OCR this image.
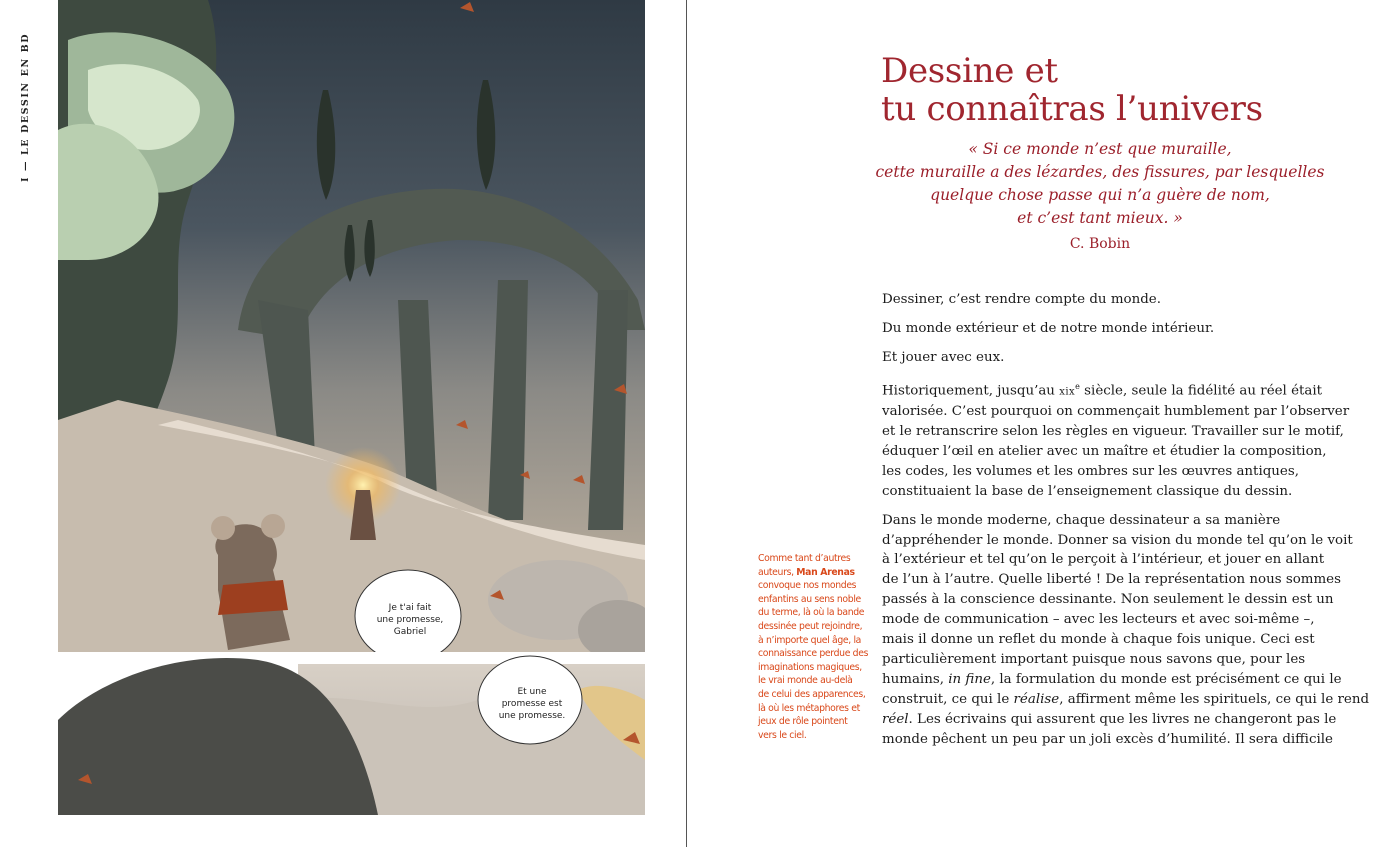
I — LE DESSIN EN BD
Je t'ai fait
une promesse,
Gabriel
Et une
promesse est
une promesse.
Dessine et
tu connaîtras l’univers
« Si ce monde n’est que muraille,
cette muraille a des lézardes, des fissures, par lesquelles
quelque chose passe qui n’a guère de nom,
et c’est tant mieux. »
C. Bobin

Dessiner, c’est rendre compte du monde.

Du monde extérieur et de notre monde intérieur.

Et jouer avec eux.

Historiquement, jusqu’au xix$^e$ siècle, seule la fidélité au réel était
valorisée. C’est pourquoi on commençait humblement par l’observer
et le retranscrire selon les règles en vigueur. Travailler sur le motif,
éduquer l’œil en atelier avec un maître et étudier la composition,
les codes, les volumes et les ombres sur les œuvres antiques,
constituaient la base de l’enseignement classique du dessin.

Dans le monde moderne, chaque dessinateur a sa manière
d’appréhender le monde. Donner sa vision du monde tel qu’on le voit
à l’extérieur et tel qu’on le perçoit à l’intérieur, et jouer en allant
de l’un à l’autre. Quelle liberté ! De la représentation nous sommes
passés à la conscience dessinante. Non seulement le dessin est un
mode de communication – avec les lecteurs et avec soi-même –,
mais il donne un reflet du monde à chaque fois unique. Ceci est
particulièrement important puisque nous savons que, pour les
humains, in fine, la formulation du monde est précisément ce qui le
construit, ce qui le réalise, affirment même les spirituels, ce qui le rend
réel. Les écrivains qui assurent que les livres ne changeront pas le
monde pêchent un peu par un joli excès d’humilité. Il sera difficile

Comme tant d’autres
auteurs, Man Arenas
convoque nos mondes
enfantins au sens noble
du terme, là où la bande
dessinée peut rejoindre,
à n’importe quel âge, la
connaissance perdue des
imaginations magiques,
le vrai monde au-delà
de celui des apparences,
là où les métaphores et
jeux de rôle pointent
vers le ciel.
